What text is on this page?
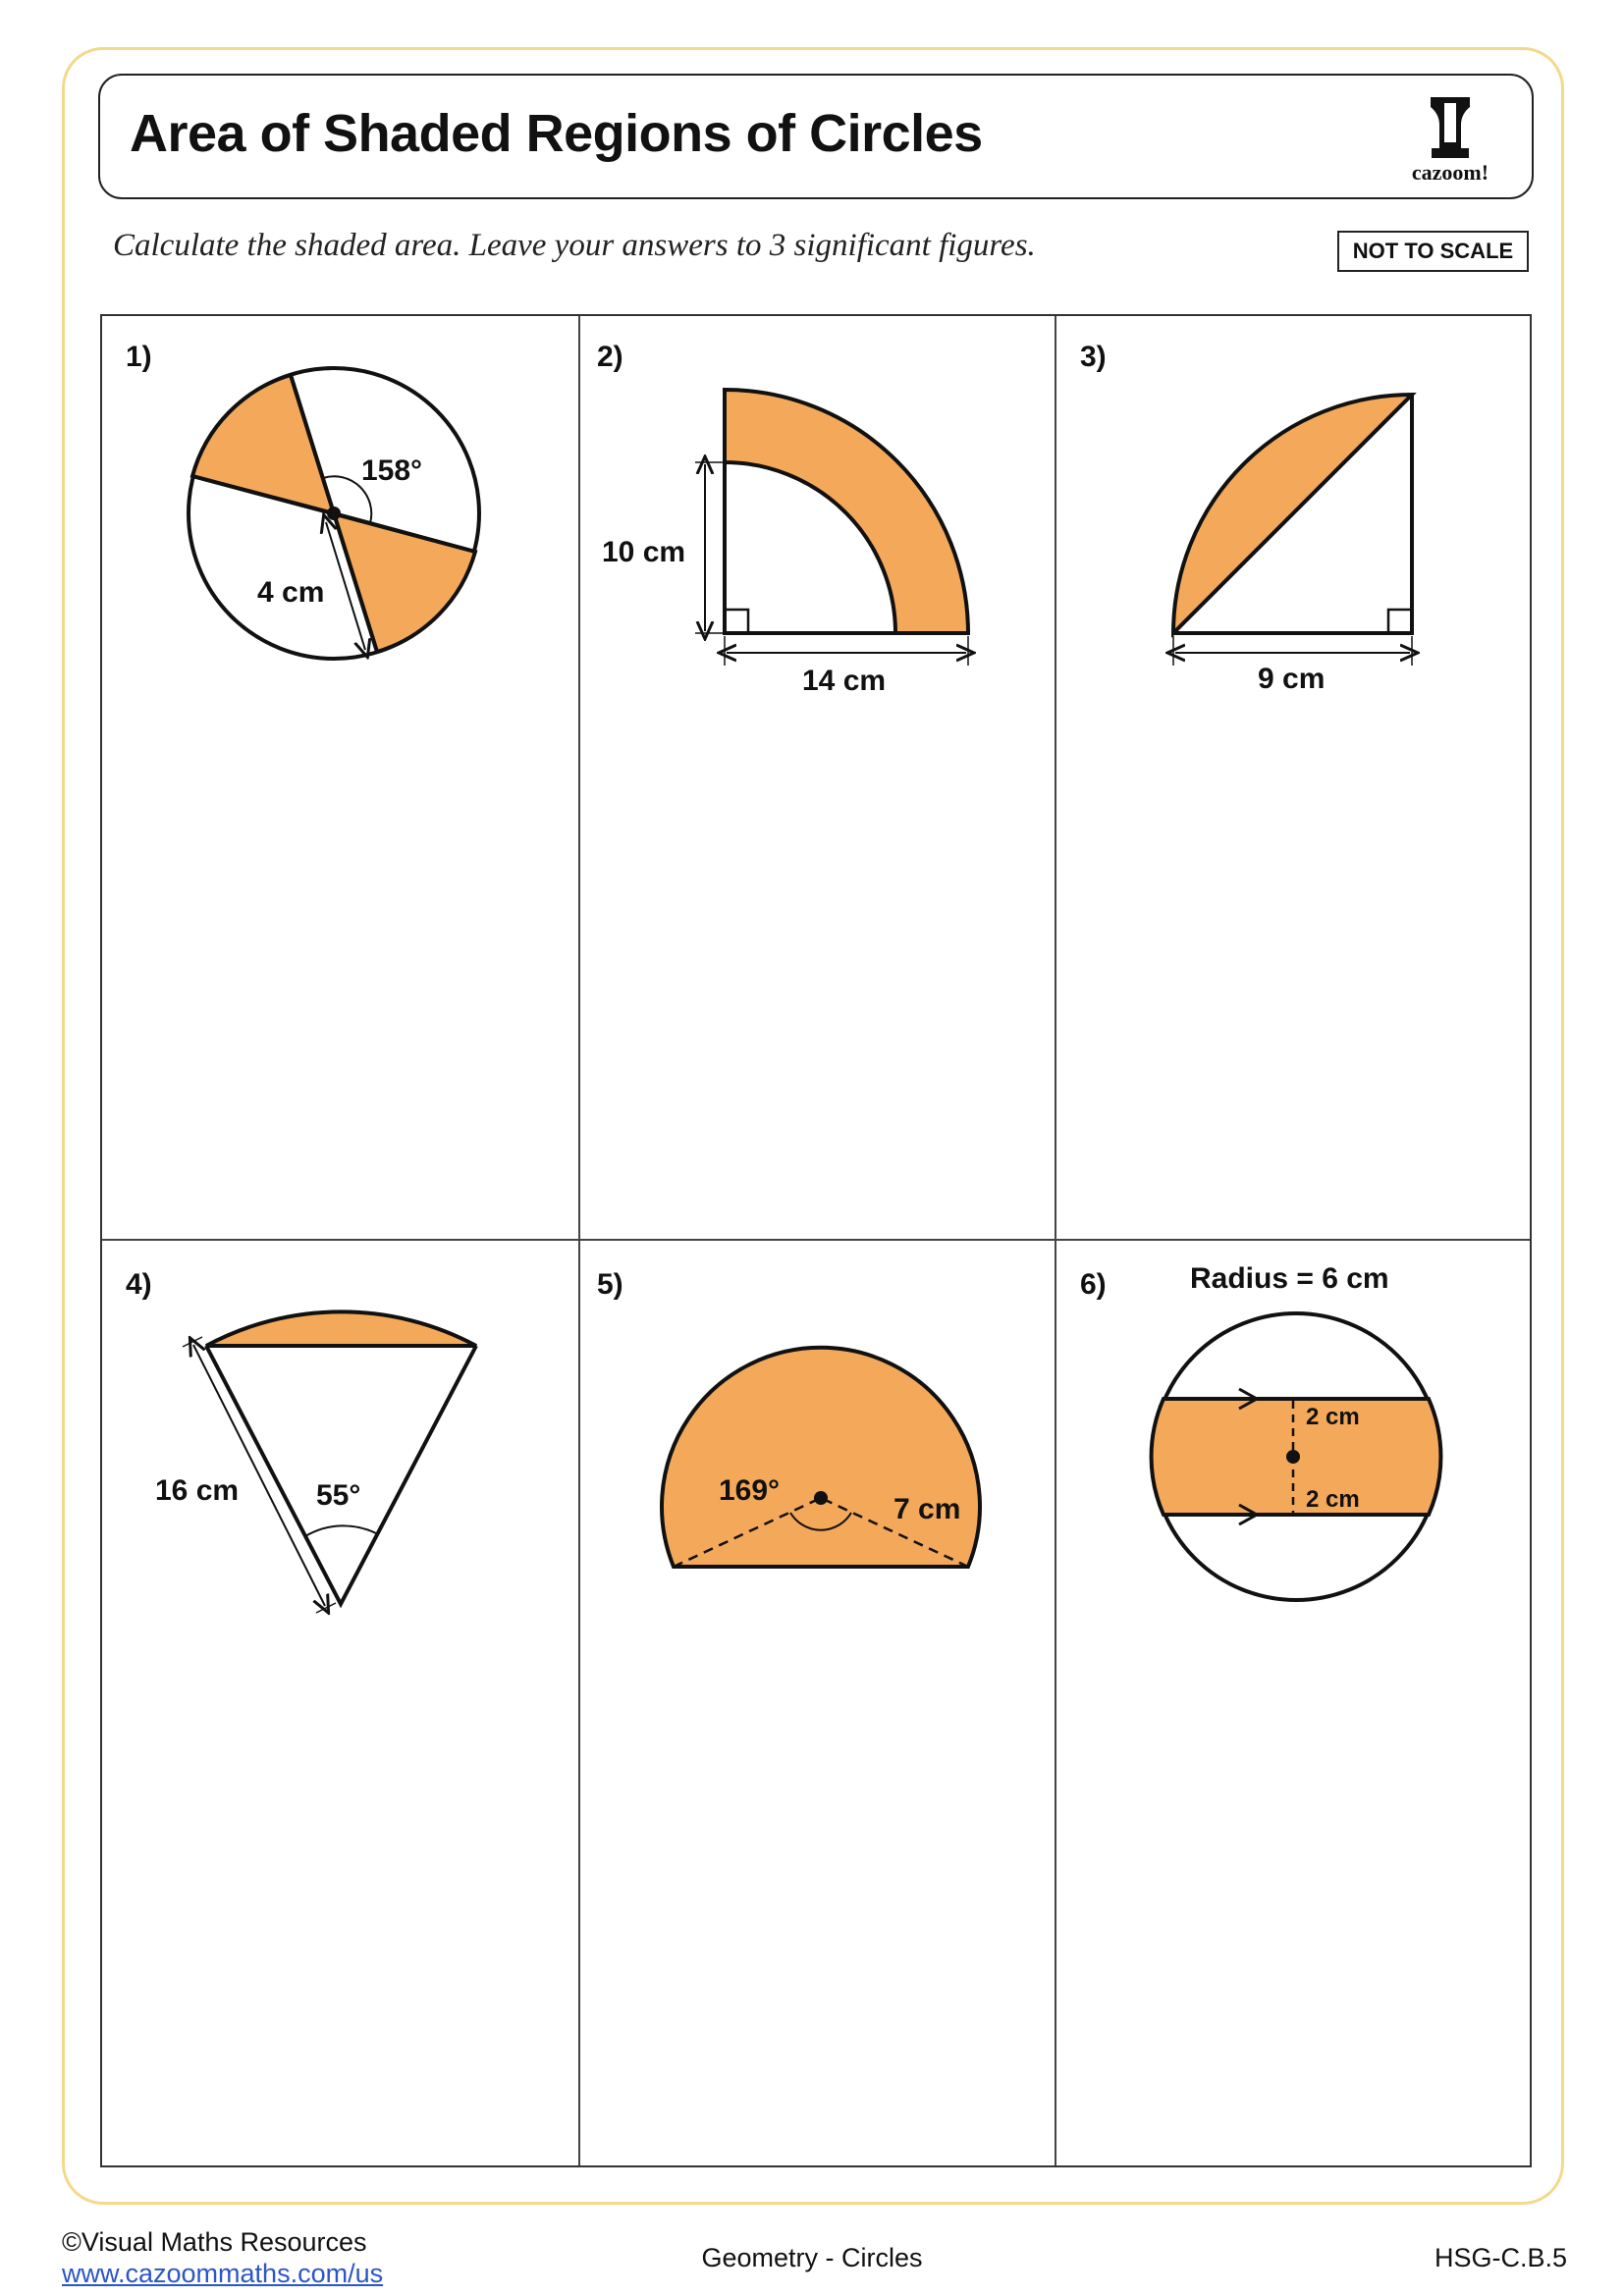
Area of Shaded Regions of Circles
cazoom!

Calculate the shaded area. Leave your answers to 3 significant figures.	NOT TO SCALE
1)	2)	3)
4)	5)	6)
158°
4 cm
10 cm
14 cm	9 cm
16 cm	55°	169°
7 cm
Radius = 6 cm
2 cm
2 cm
©Visual Maths Resources
www.cazoommaths.com/us
Geometry - Circles	HSG-C.B.5
